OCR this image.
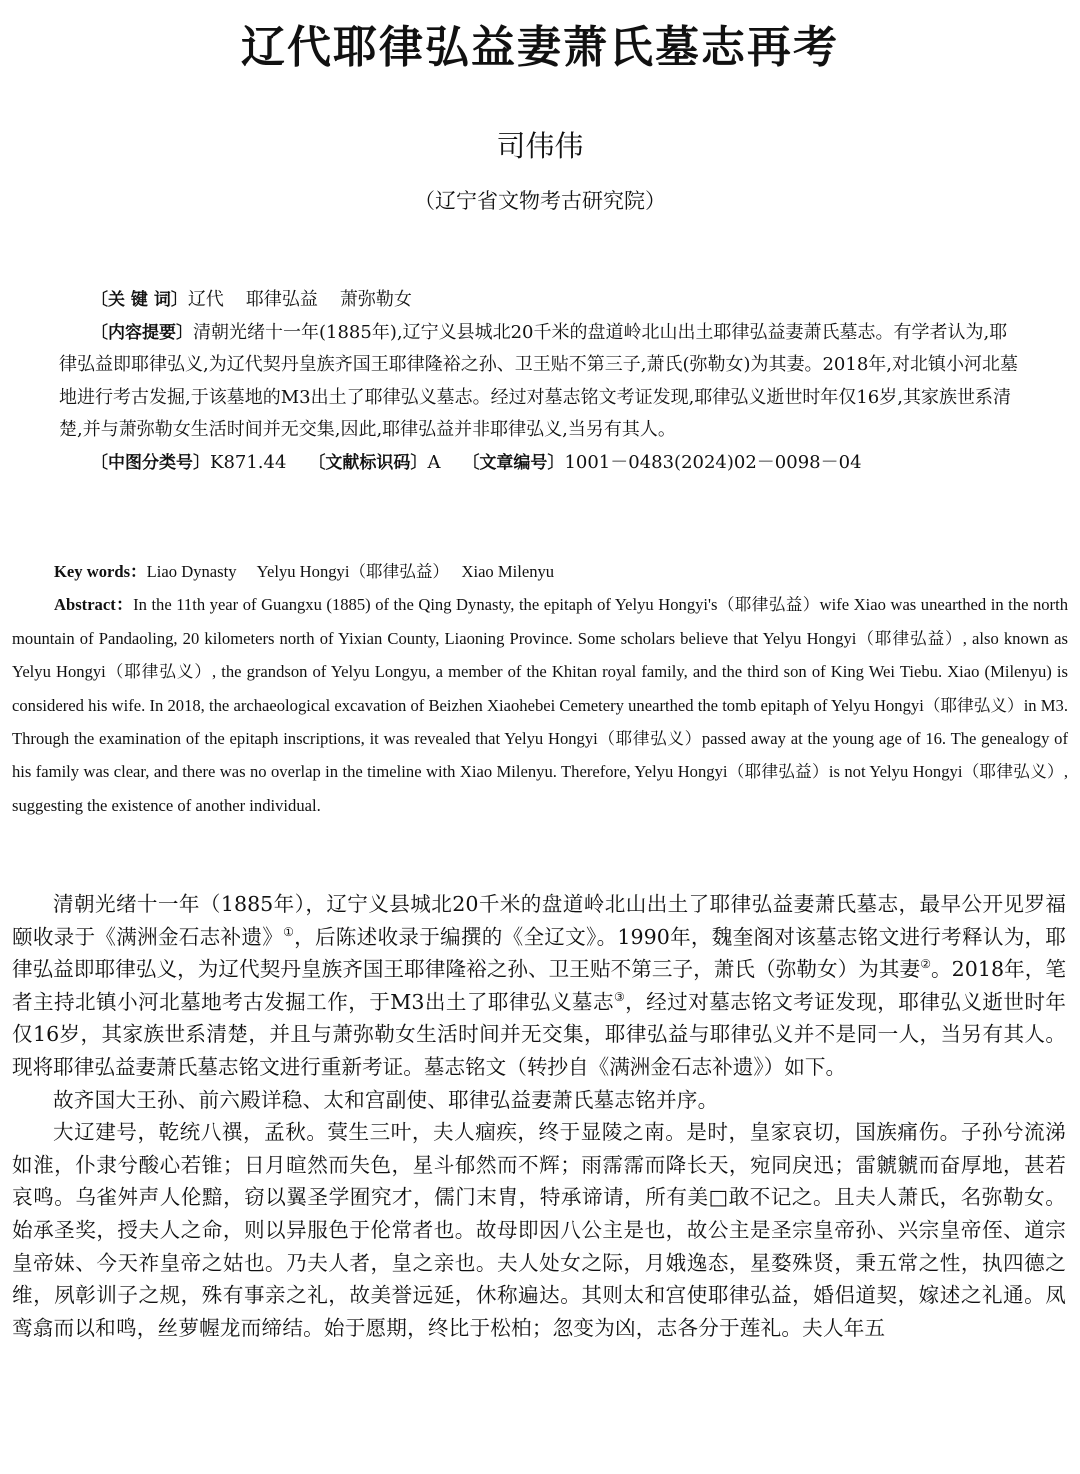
辽代耶律弘益妻萧氏墓志再考
司伟伟
（辽宁省文物考古研究院）

〔关 键 词〕辽代 耶律弘益 萧弥勒女

〔内容提要〕清朝光绪十一年(1885年),辽宁义县城北20千米的盘道岭北山出土耶律弘益妻萧氏墓志。有学者认为,耶律弘益即耶律弘义,为辽代契丹皇族齐国王耶律隆裕之孙、卫王贴不第三子,萧氏(弥勒女)为其妻。2018年,对北镇小河北墓地进行考古发掘,于该墓地的M3出土了耶律弘义墓志。经过对墓志铭文考证发现,耶律弘义逝世时年仅16岁,其家族世系清楚,并与萧弥勒女生活时间并无交集,因此,耶律弘益并非耶律弘义,当另有其人。

〔中图分类号〕K871.44 〔文献标识码〕A 〔文章编号〕1001－0483(2024)02－0098－04

Key words：Liao Dynasty　 Yelyu Hongyi（耶律弘益）　 Xiao Milenyu

Abstract：In the 11th year of Guangxu (1885) of the Qing Dynasty, the epitaph of Yelyu Hongyi's（耶律弘益）wife Xiao was unearthed in the north mountain of Pandaoling, 20 kilometers north of Yixian County, Liaoning Province. Some scholars believe that Yelyu Hongyi（耶律弘益）, also known as Yelyu Hongyi（耶律弘义）, the grandson of Yelyu Longyu, a member of the Khitan royal family, and the third son of King Wei Tiebu. Xiao (Milenyu) is considered his wife. In 2018, the archaeological excavation of Beizhen Xiaohebei Cemetery unearthed the tomb epitaph of Yelyu Hongyi（耶律弘义）in M3. Through the examination of the epitaph inscriptions, it was revealed that Yelyu Hongyi（耶律弘义）passed away at the young age of 16. The genealogy of his family was clear, and there was no overlap in the timeline with Xiao Milenyu. Therefore, Yelyu Hongyi（耶律弘益）is not Yelyu Hongyi（耶律弘义）, suggesting the existence of another individual.

清朝光绪十一年（1885年），辽宁义县城北20千米的盘道岭北山出土了耶律弘益妻萧氏墓志，最早公开见罗福颐收录于《满洲金石志补遗》①，后陈述收录于编撰的《全辽文》。1990年，魏奎阁对该墓志铭文进行考释认为，耶律弘益即耶律弘义，为辽代契丹皇族齐国王耶律隆裕之孙、卫王贴不第三子，萧氏（弥勒女）为其妻②。2018年，笔者主持北镇小河北墓地考古发掘工作，于M3出土了耶律弘义墓志③，经过对墓志铭文考证发现，耶律弘义逝世时年仅16岁，其家族世系清楚，并且与萧弥勒女生活时间并无交集，耶律弘益与耶律弘义并不是同一人，当另有其人。现将耶律弘益妻萧氏墓志铭文进行重新考证。墓志铭文（转抄自《满洲金石志补遗》）如下。

故齐国大王孙、前六殿详稳、太和宫副使、耶律弘益妻萧氏墓志铭并序。

大辽建号，乾统八禩，孟秋。蓂生三叶，夫人痼疾，终于显陵之南。是时，皇家哀切，国族痛伤。子孙兮流涕如淮，仆隶兮酸心若锥；日月暄然而失色，星斗郁然而不辉；雨霈霈而降长天，宛同戾迅；雷虩虩而奋厚地，甚若哀鸣。乌雀舛声人伦黯，窃以翼圣学囿究才，儒门末胄，特承谛请，所有美□敢不记之。且夫人萧氏，名弥勒女。始承圣奖，授夫人之命，则以异服色于伦常者也。故母即因八公主是也，故公主是圣宗皇帝孙、兴宗皇帝侄、道宗皇帝妹、今天祚皇帝之姑也。乃夫人者，皇之亲也。夫人处女之际，月娥逸态，星婺殊贤，秉五常之性，执四德之维，夙彰训子之规，殊有事亲之礼，故美誉远延，休称遍达。其则太和宫使耶律弘益，婚侣道契，嫁述之礼通。凤鸾翕而以和鸣，丝萝幄龙而缔结。始于愿期，终比于松柏；忽变为凶，志各分于莲礼。夫人年五
